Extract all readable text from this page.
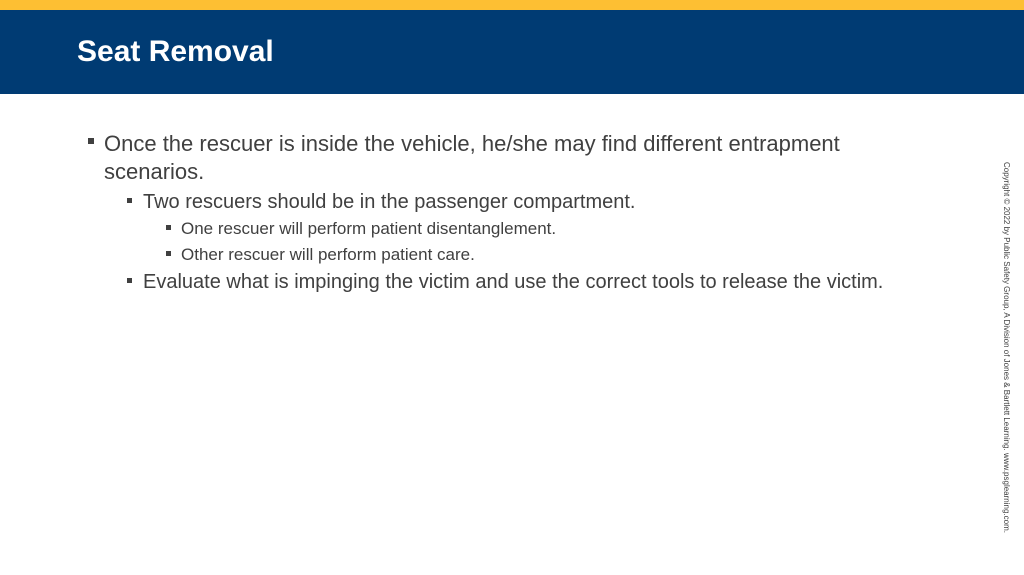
Seat Removal
Once the rescuer is inside the vehicle, he/she may find different entrapment scenarios.
Two rescuers should be in the passenger compartment.
One rescuer will perform patient disentanglement.
Other rescuer will perform patient care.
Evaluate what is impinging the victim and use the correct tools to release the victim.	Copyright © 2022 by Public Safety Group, A Division of Jones & Bartlett Learning. www.psglearning.com.
